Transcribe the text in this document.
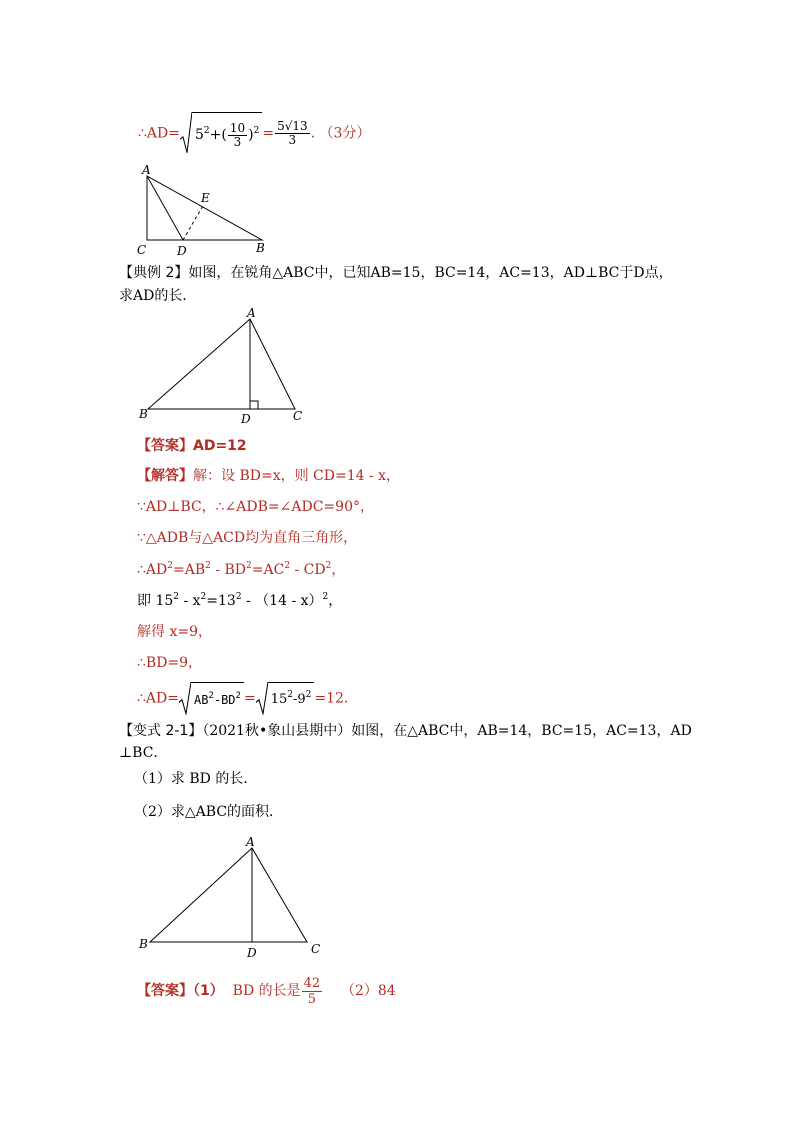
∴AD= $5^2+( \frac{10}{3} )^2 = \frac{5√13}{3}$ . （3分）
A
E
C	D	B
【典例 2】如图，在锐角△ABC中，已知AB=15，BC=14，AC=13，AD⊥BC于D点，
求AD的长．
A
B	D	C
【答案】AD=12
【解答】解：设 BD=x，则 CD=14 - x，
∵AD⊥BC，∴∠ADB=∠ADC=90°，
∵△ADB与△ACD均为直角三角形，
$\therefore AD^2=AB^2 - BD^2=AC^2 - CD^2$，
即 $15^2 - x^2=13^2 - (14 - x)^2$，
解得 x=9，
∴BD=9，
∴AD= $AB^2-BD^2 = 15^2-9^2 =12$.
【变式 2-1】（2021秋•象山县期中）如图，在△ABC中，AB=14，BC=15，AC=13，AD
⊥BC．
（1）求 BD 的长．
（2）求△ABC的面积．
A
B
D	C
【答案】（1） BD 的长是 $\frac{42}{5} (2)84$
